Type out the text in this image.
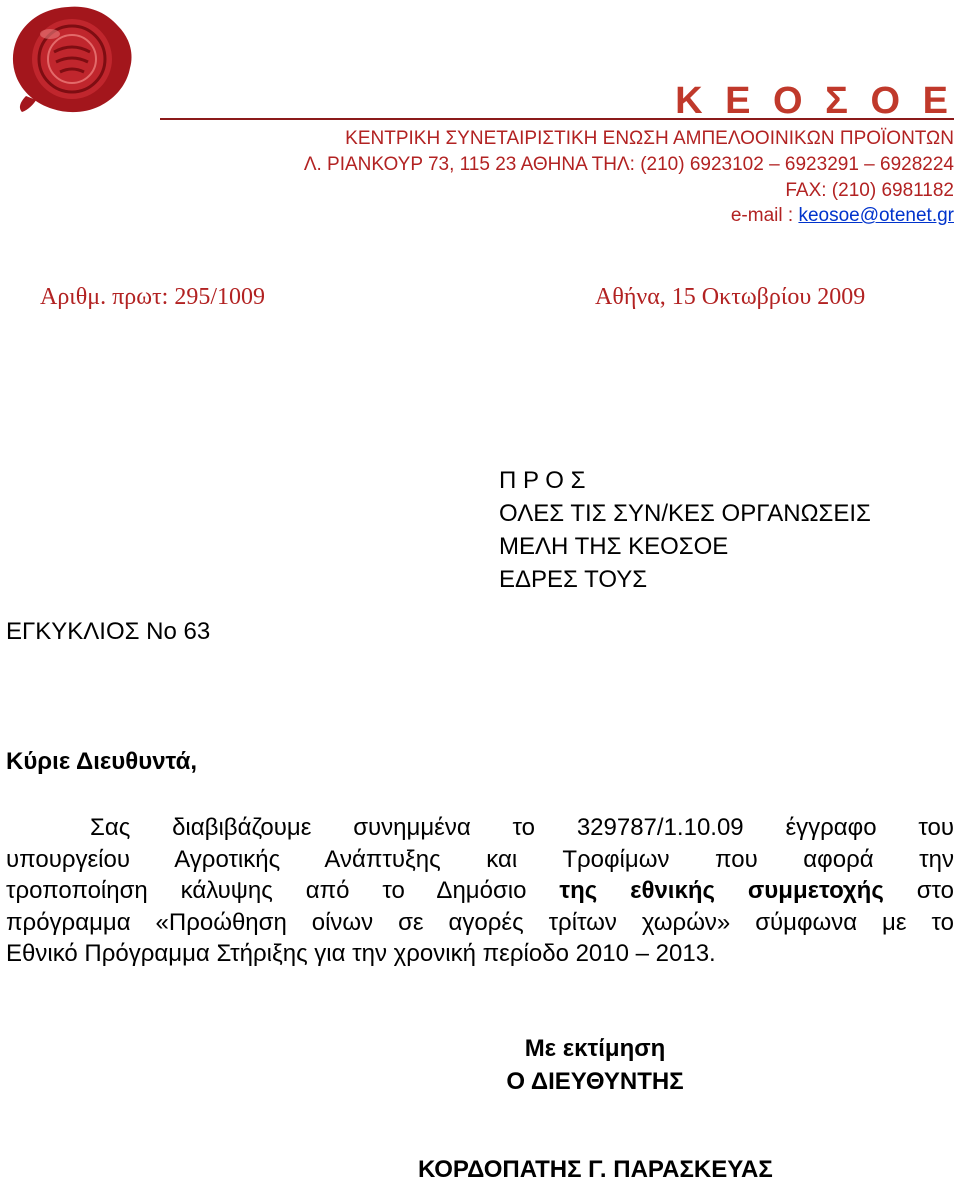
Κ Ε Ο Σ Ο Ε

ΚΕΝΤΡΙΚΗ ΣΥΝΕΤΑΙΡΙΣΤΙΚΗ ΕΝΩΣΗ ΑΜΠΕΛΟΟΙΝΙΚΩΝ ΠΡΟΪΟΝΤΩΝ

Λ. ΡΙΑΝΚΟΥΡ 73, 115 23 ΑΘΗΝΑ ΤΗΛ: (210) 6923102 – 6923291 – 6928224

FAX: (210) 6981182

e-mail : keosoe@otenet.gr

Αριθμ. πρωτ: 295/1009	Αθήνα, 15 Οκτωβρίου 2009

Π Ρ Ο Σ
ΟΛΕΣ ΤΙΣ ΣΥΝ/ΚΕΣ ΟΡΓΑΝΩΣΕΙΣ
ΜΕΛΗ ΤΗΣ ΚΕΟΣΟΕ
ΕΔΡΕΣ ΤΟΥΣ

ΕΓΚΥΚΛΙΟΣ Νο 63

Κύριε Διευθυντά,

Σας διαβιβάζουμε συνημμένα το 329787/1.10.09 έγγραφο του
υπουργείου Αγροτικής Ανάπτυξης και Τροφίμων που αφορά την
τροποποίηση κάλυψης από το Δημόσιο της εθνικής συμμετοχής στο
πρόγραμμα «Προώθηση οίνων σε αγορές τρίτων χωρών» σύμφωνα με το
Εθνικό Πρόγραμμα Στήριξης για την χρονική περίοδο 2010 – 2013.
Με εκτίμηση
Ο ΔΙΕΥΘΥΝΤΗΣ

ΚΟΡΔΟΠΑΤΗΣ Γ. ΠΑΡΑΣΚΕΥΑΣ
